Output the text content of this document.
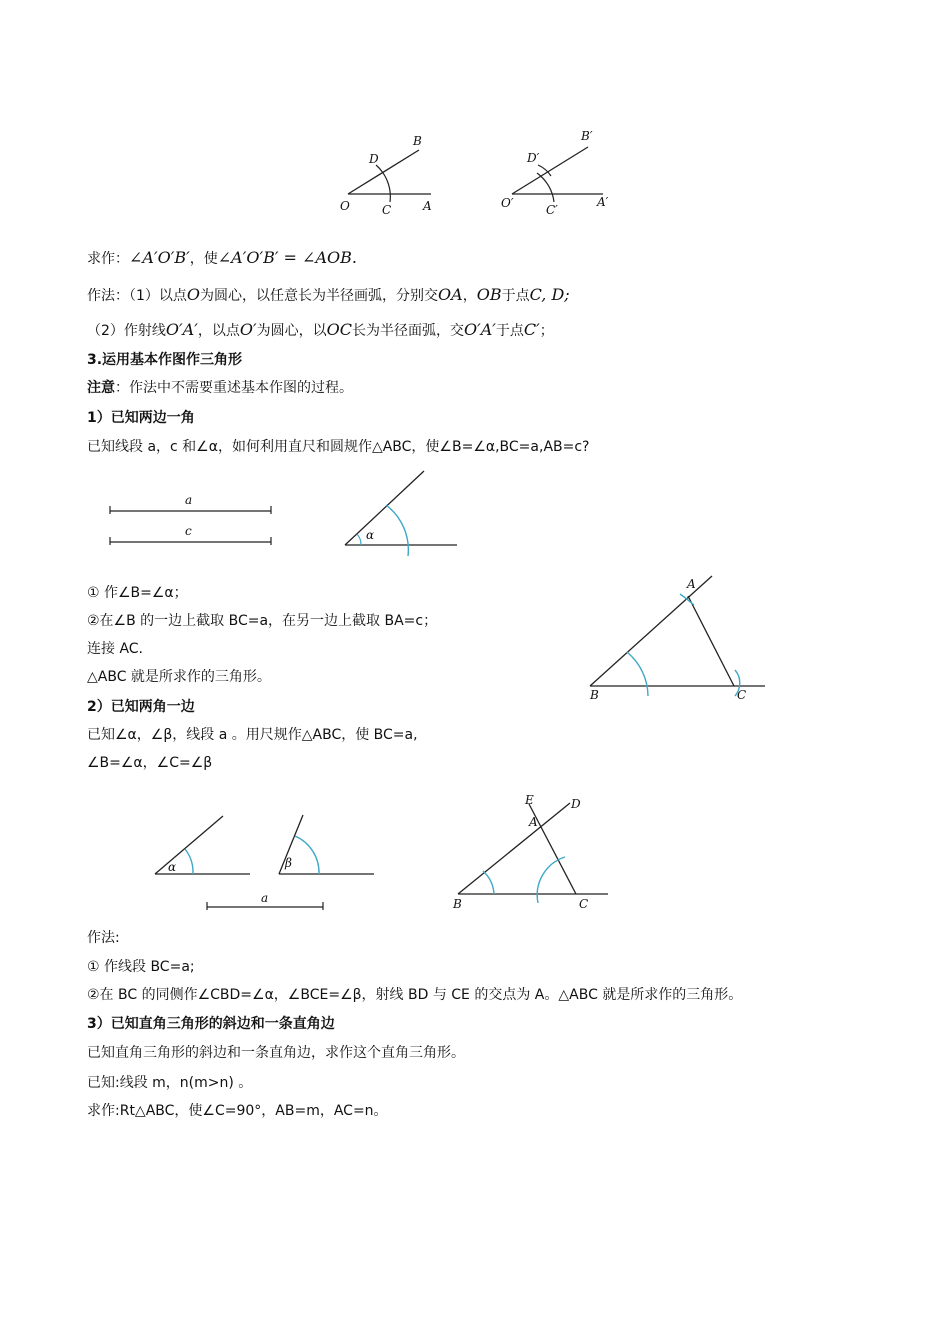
B
D
O	C	A
B′
D′
O′	C′
A′
求作：∠A′O′B′，使∠A′O′B′ = ∠AOB.
作法：（1）以点O为圆心，以任意长为半径画弧，分别交OA，OB于点C, D;
（2）作射线O′A′，以点O′为圆心，以OC长为半径面弧，交O′A′于点C′；
3.运用基本作图作三角形
注意：作法中不需要重述基本作图的过程。
1）已知两边一角
已知线段 a，c 和∠α，如何利用直尺和圆规作△ABC，使∠B=∠α,BC=a,AB=c?
a
c	α
① 作∠B=∠α；
②在∠B 的一边上截取 BC=a，在另一边上截取 BA=c；
连接 AC.
△ABC 就是所求作的三角形。
A
B	C
2）已知两角一边
已知∠α，∠β，线段 a 。用尺规作△ABC，使 BC=a,
∠B=∠α，∠C=∠β
α	β
a
E	D
A
B	C
作法:
① 作线段 BC=a;
②在 BC 的同侧作∠CBD=∠α，∠BCE=∠β，射线 BD 与 CE 的交点为 A。△ABC 就是所求作的三角形。
3）已知直角三角形的斜边和一条直角边
已知直角三角形的斜边和一条直角边，求作这个直角三角形。
已知:线段 m，n(m>n) 。
求作:Rt△ABC，使∠C=90°，AB=m，AC=n。
